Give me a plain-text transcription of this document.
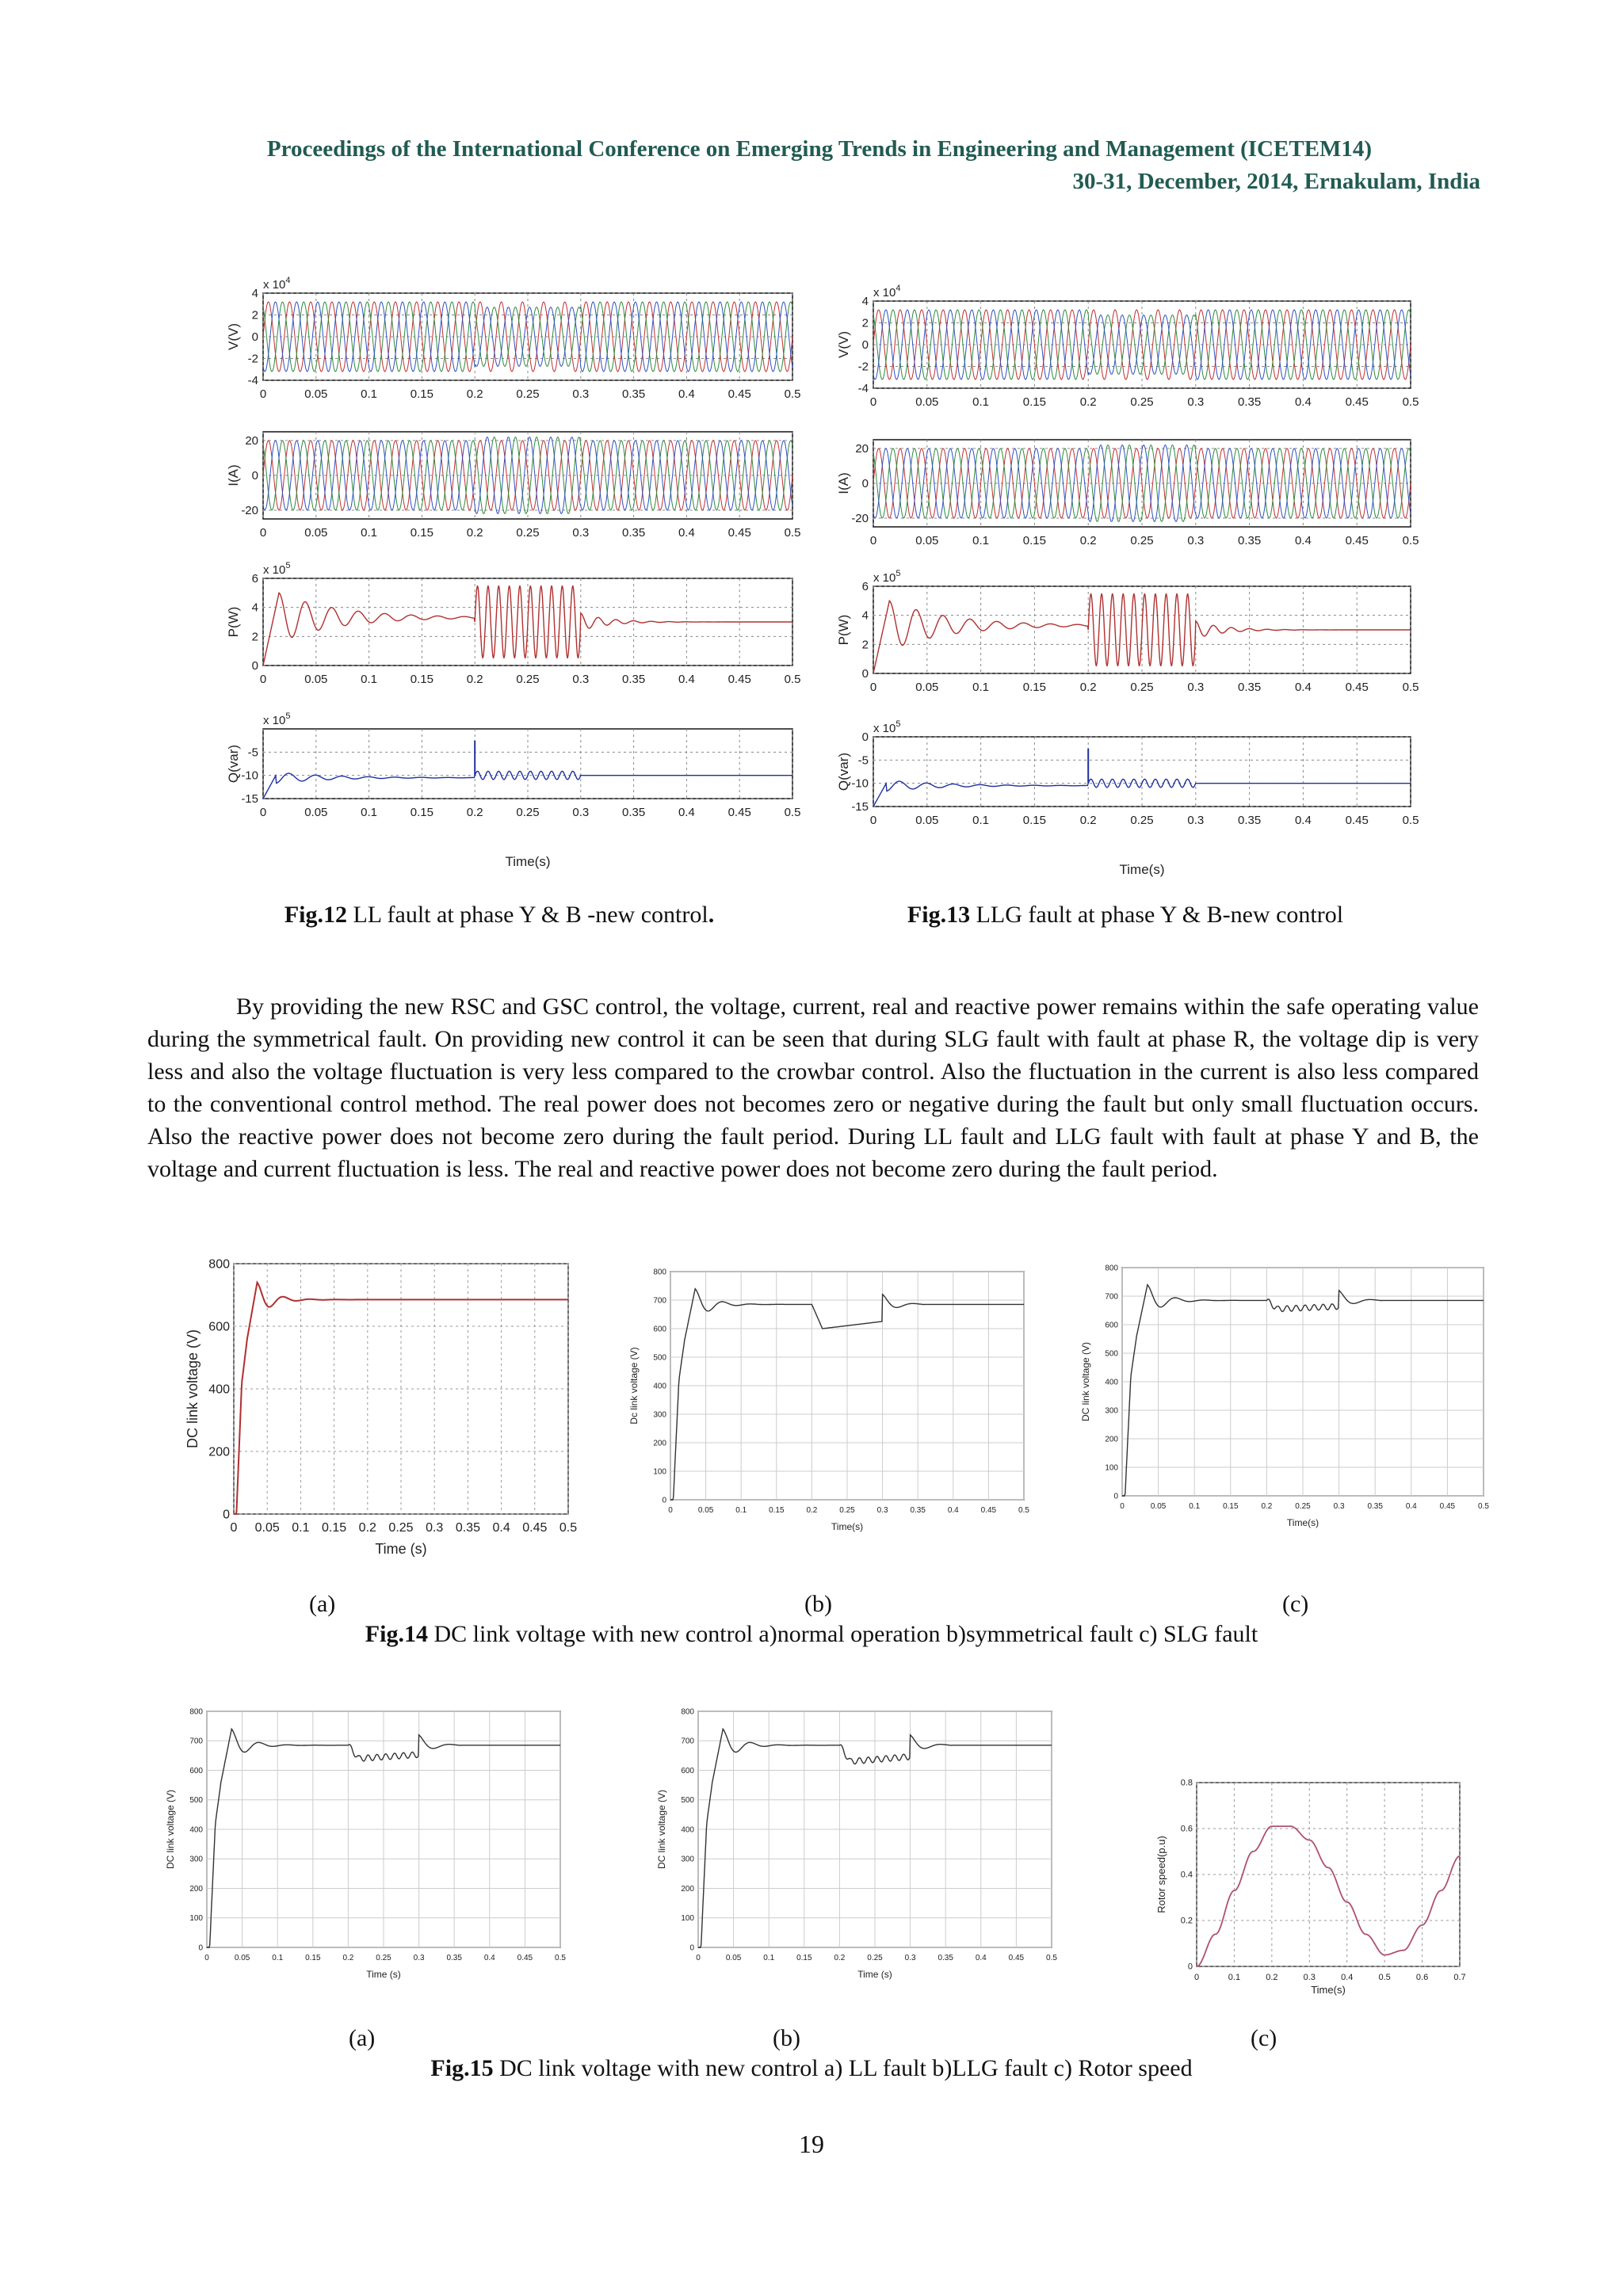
Proceedings of the International Conference on Emerging Trends in Engineering and Management (ICETEM14)
30-31, December, 2014, Ernakulam, India
0	0.05	0.1	0.15	0.2	0.25	0.3	0.35	0.4	0.45	0.5
4
2
0
-2
-4
V(V)
x $10^4$
0	0.05	0.1	0.15	0.2	0.25	0.3	0.35	0.4	0.45	0.5
20
0
-20
I(A)
0	0.05	0.1	0.15	0.2	0.25	0.3	0.35	0.4	0.45	0.5
6
4
2
0
P(W)
x $10^5$
0	0.05	0.1	0.15	0.2	0.25	0.3	0.35	0.4	0.45	0.5
-5
-10
-15
Q(var)
x $10^5$
Time(s)
0	0.05	0.1	0.15	0.2	0.25	0.3	0.35	0.4	0.45	0.5
4
2
0
-2
-4
V(V)
x $10^4$
0	0.05	0.1	0.15	0.2	0.25	0.3	0.35	0.4	0.45	0.5
20
0
-20
I(A)
0	0.05	0.1	0.15	0.2	0.25	0.3	0.35	0.4	0.45	0.5
6
4
2
0
P(W)
x $10^5$
0	0.05	0.1	0.15	0.2	0.25	0.3	0.35	0.4	0.45	0.5
0
-5
-10
-15
Q(var)
x $10^5$
Time(s)
Fig.12 LL fault at phase Y & B -new control.	Fig.13 LLG fault at phase Y & B-new control
By providing the new RSC and GSC control, the voltage, current, real and reactive power remains within the safe operating value during the symmetrical fault. On providing new control it can be seen that during SLG fault with fault at phase R, the voltage dip is very less and also the voltage fluctuation is very less compared to the crowbar control. Also the fluctuation in the current is also less compared to the conventional control method. The real power does not becomes zero or negative during the fault but only small fluctuation occurs. Also the reactive power does not become zero during the fault period. During LL fault and LLG fault with fault at phase Y and B, the voltage and current fluctuation is less. The real and reactive power does not become zero during the fault period.
0 0.05 0.1 0.15 0.2 0.25 0.3 0.35 0.4 0.45 0.5
0
200
400
600
800
DC link voltage (V)
Time (s)
0	0.05	0.1	0.15	0.2	0.25	0.3	0.35	0.4	0.45	0.5
0
100
200
300
400
500
600
700
800
Dc link voltage (V)
Time(s)
0	0.05	0.1	0.15	0.2	0.25	0.3	0.35	0.4	0.45	0.5
0
100
200
300
400
500
600
700
800
DC link voltage (V)
Time(s)
(a)	(b)	(c)
Fig.14 DC link voltage with new control a)normal operation b)symmetrical fault c) SLG fault
0	0.05	0.1	0.15	0.2	0.25	0.3	0.35	0.4	0.45	0.5
0
100
200
300
400
500
600
700
800
DC link voltage (V)
Time (s)
0	0.05	0.1	0.15	0.2	0.25	0.3	0.35	0.4	0.45	0.5
0
100
200
300
400
500
600
700
800
DC link voltage (V)
Time (s)	0	0.1	0.2	0.3	0.4	0.5	0.6	0.7
0
0.2
0.4
0.6
0.8
Rotor speed(p.u)
Time(s)
(a)	(b)	(c)
Fig.15 DC link voltage with new control a) LL fault b)LLG fault c) Rotor speed
19
